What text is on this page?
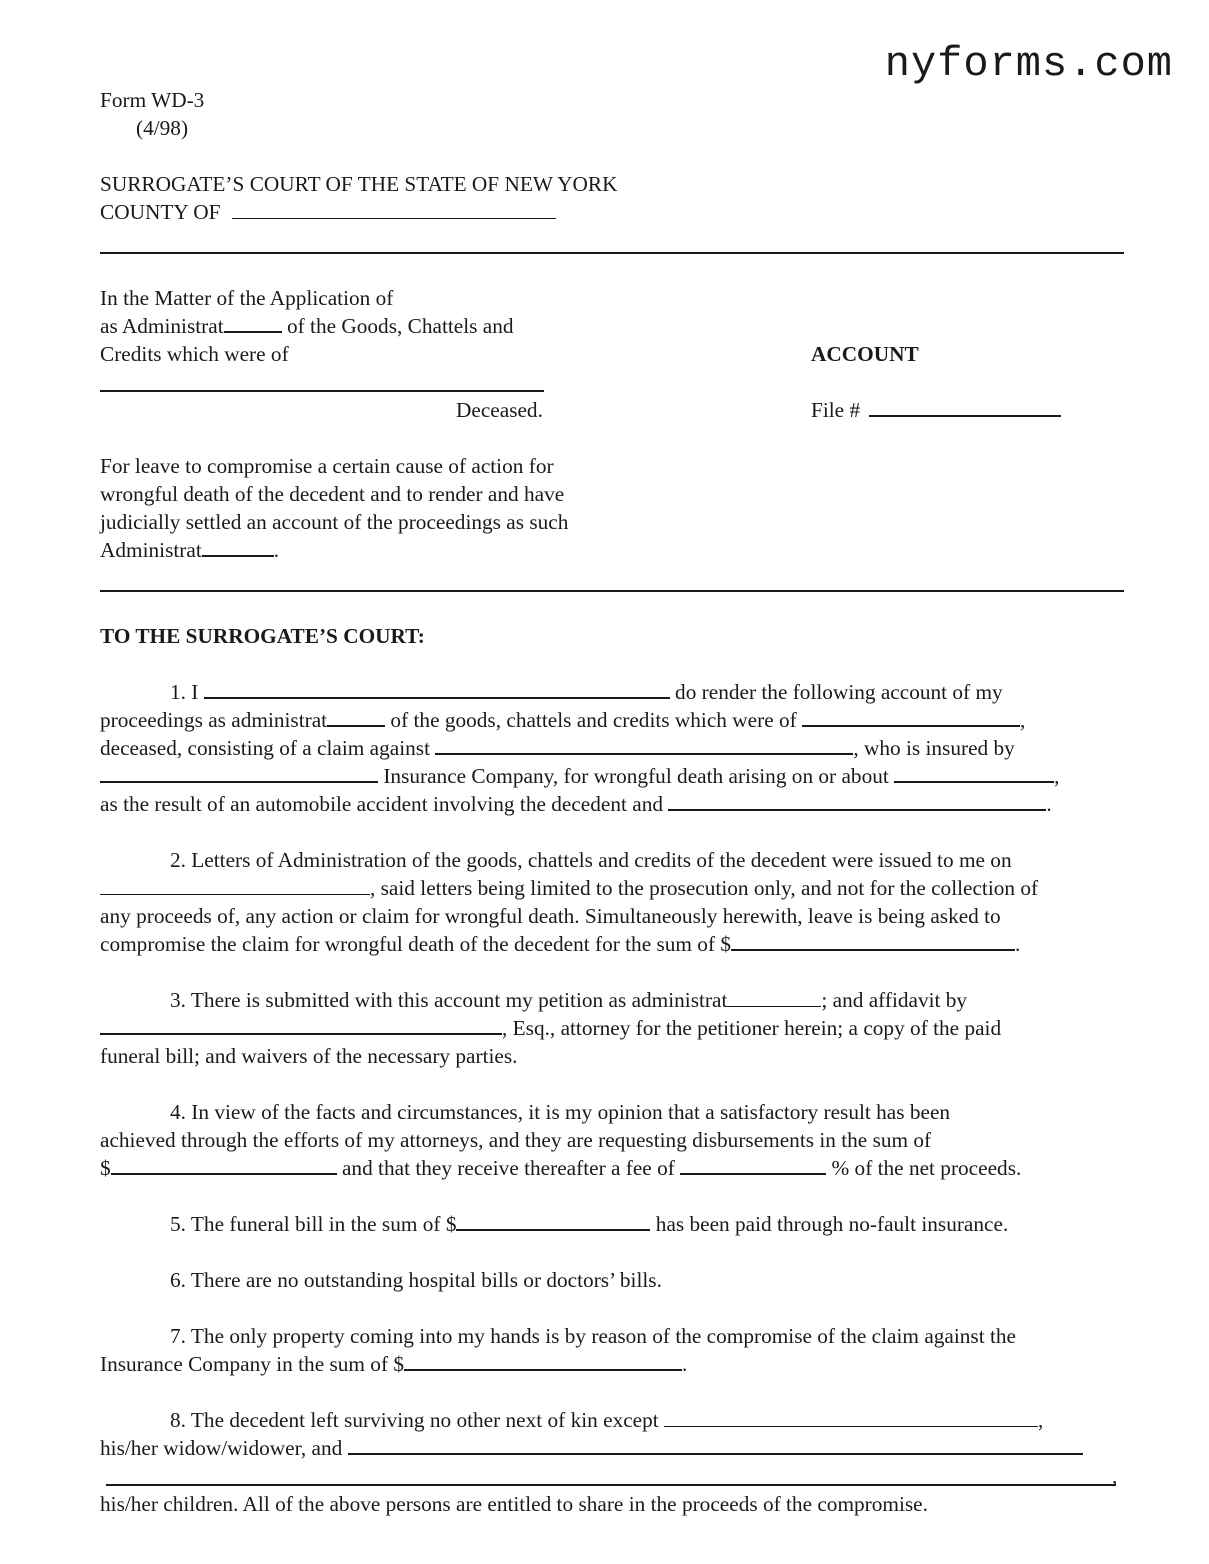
nyforms.com
Form WD-3
(4/98)
SURROGATE’S COURT OF THE STATE OF NEW YORK
COUNTY OF
In the Matter of the Application of
as Administrat	of the Goods, Chattels and
Credits which were of
Deceased.
ACCOUNT
File #
For leave to compromise a certain cause of action for
wrongful death of the decedent and to render and have
judicially settled an account of the proceedings as such
Administrat	.
TO THE SURROGATE’S COURT:
1. I	do render the following account of my
proceedings as administrat	of the goods, chattels and credits which were of	,
deceased, consisting of a claim against	, who is insured by
Insurance Company, for wrongful death arising on or about	,
as the result of an automobile accident involving the decedent and	.
2. Letters of Administration of the goods, chattels and credits of the decedent were issued to me on
, said letters being limited to the prosecution only, and not for the collection of
any proceeds of, any action or claim for wrongful death. Simultaneously herewith, leave is being asked to
compromise the claim for wrongful death of the decedent for the sum of $	.
3. There is submitted with this account my petition as administrat	; and affidavit by
, Esq., attorney for the petitioner herein; a copy of the paid
funeral bill; and waivers of the necessary parties.
4. In view of the facts and circumstances, it is my opinion that a satisfactory result has been
achieved through the efforts of my attorneys, and they are requesting disbursements in the sum of
$	and that they receive thereafter a fee of	% of the net proceeds.
5. The funeral bill in the sum of $	has been paid through no-fault insurance.
6. There are no outstanding hospital bills or doctors’ bills.
7. The only property coming into my hands is by reason of the compromise of the claim against the
Insurance Company in the sum of $	.
8. The decedent left surviving no other next of kin except	,
his/her widow/widower, and
,
his/her children. All of the above persons are entitled to share in the proceeds of the compromise.
